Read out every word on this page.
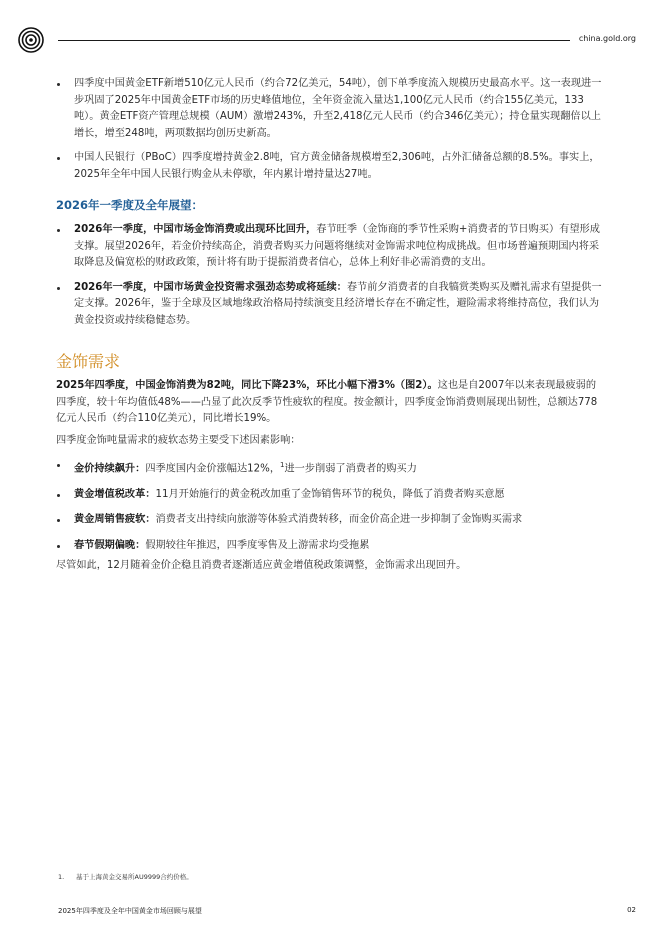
china.gold.org

四季度中国黄金ETF新增510亿元人民币（约合72亿美元，54吨），创下单季度流入规模历史最高水平。这一表现进一步巩固了2025年中国黄金ETF市场的历史峰值地位，全年资金流入量达1,100亿元人民币（约合155亿美元，133吨）。黄金ETF资产管理总规模（AUM）激增243%，升至2,418亿元人民币（约合346亿美元）；持仓量实现翻倍以上增长，增至248吨，两项数据均创历史新高。

中国人民银行（PBoC）四季度增持黄金2.8吨，官方黄金储备规模增至2,306吨，占外汇储备总额的8.5%。事实上，2025年全年中国人民银行购金从未停歇，年内累计增持量达27吨。

2026年一季度及全年展望：

2026年一季度，中国市场金饰消费或出现环比回升，春节旺季（金饰商的季节性采购+消费者的节日购买）有望形成支撑。展望2026年，若金价持续高企，消费者购买力问题将继续对金饰需求吨位构成挑战。但市场普遍预期国内将采取降息及偏宽松的财政政策，预计将有助于提振消费者信心，总体上利好非必需消费的支出。

2026年一季度，中国市场黄金投资需求强劲态势或将延续：春节前夕消费者的自我犒赏类购买及赠礼需求有望提供一定支撑。2026年，鉴于全球及区域地缘政治格局持续演变且经济增长存在不确定性，避险需求将维持高位，我们认为黄金投资或持续稳健态势。

金饰需求

2025年四季度，中国金饰消费为82吨，同比下降23%，环比小幅下滑3%（图2）。这也是自2007年以来表现最疲弱的四季度，较十年均值低48%——凸显了此次反季节性疲软的程度。按金额计，四季度金饰消费则展现出韧性，总额达778亿元人民币（约合110亿美元），同比增长19%。

四季度金饰吨量需求的疲软态势主要受下述因素影响：

金价持续飙升：四季度国内金价涨幅达12%，$^1$进一步削弱了消费者的购买力

黄金增值税改革：11月开始施行的黄金税改加重了金饰销售环节的税负，降低了消费者购买意愿

黄金周销售疲软：消费者支出持续向旅游等体验式消费转移，而金价高企进一步抑制了金饰购买需求

春节假期偏晚：假期较往年推迟，四季度零售及上游需求均受拖累

尽管如此，12月随着金价企稳且消费者逐渐适应黄金增值税政策调整，金饰需求出现回升。

1. 基于上海黄金交易所AU9999合约价格。
2025年四季度及全年中国黄金市场回顾与展望	02
